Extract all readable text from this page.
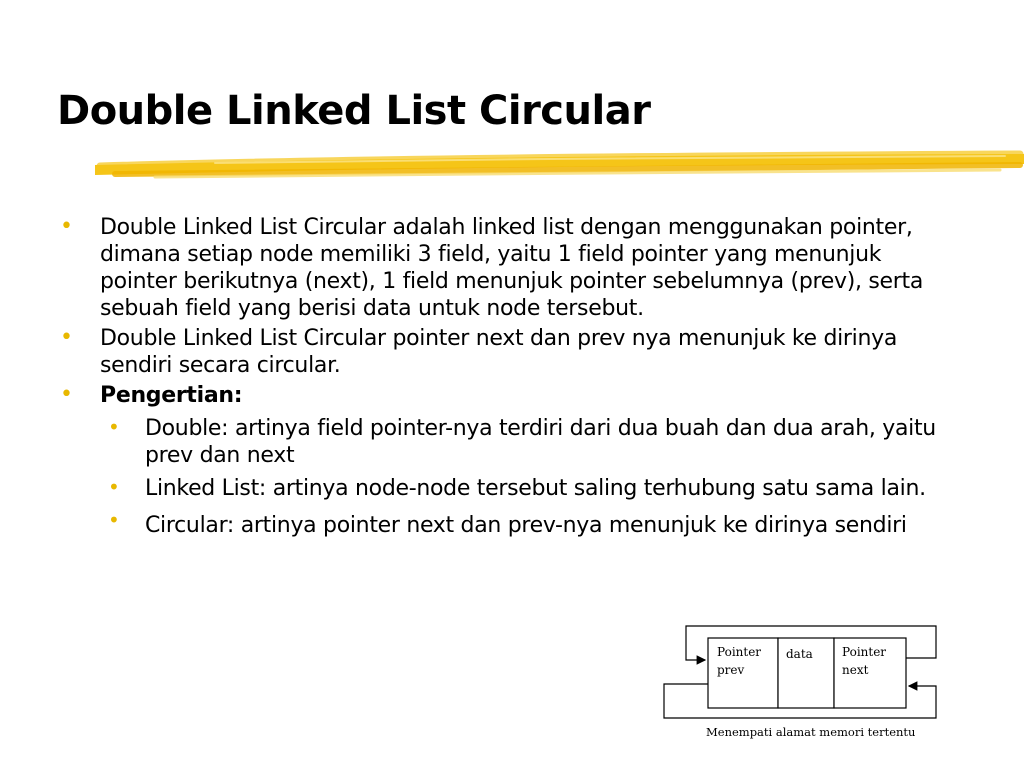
Double Linked List Circular
• Double Linked List Circular adalah linked list dengan menggunakan pointer, dimana setiap node memiliki 3 field, yaitu 1 field pointer yang menunjuk pointer berikutnya (next), 1 field menunjuk pointer sebelumnya (prev), serta sebuah field yang berisi data untuk node tersebut.
• Double Linked List Circular pointer next dan prev nya menunjuk ke dirinya sendiri secara circular.
• Pengertian:
• Double: artinya field pointer-nya terdiri dari dua buah dan dua arah, yaitu prev dan next
• Linked List: artinya node-node tersebut saling terhubung satu sama lain.
• Circular: artinya pointer next dan prev-nya menunjuk ke dirinya sendiri
Pointer
prev
data Pointer
next
Menempati alamat memori tertentu
